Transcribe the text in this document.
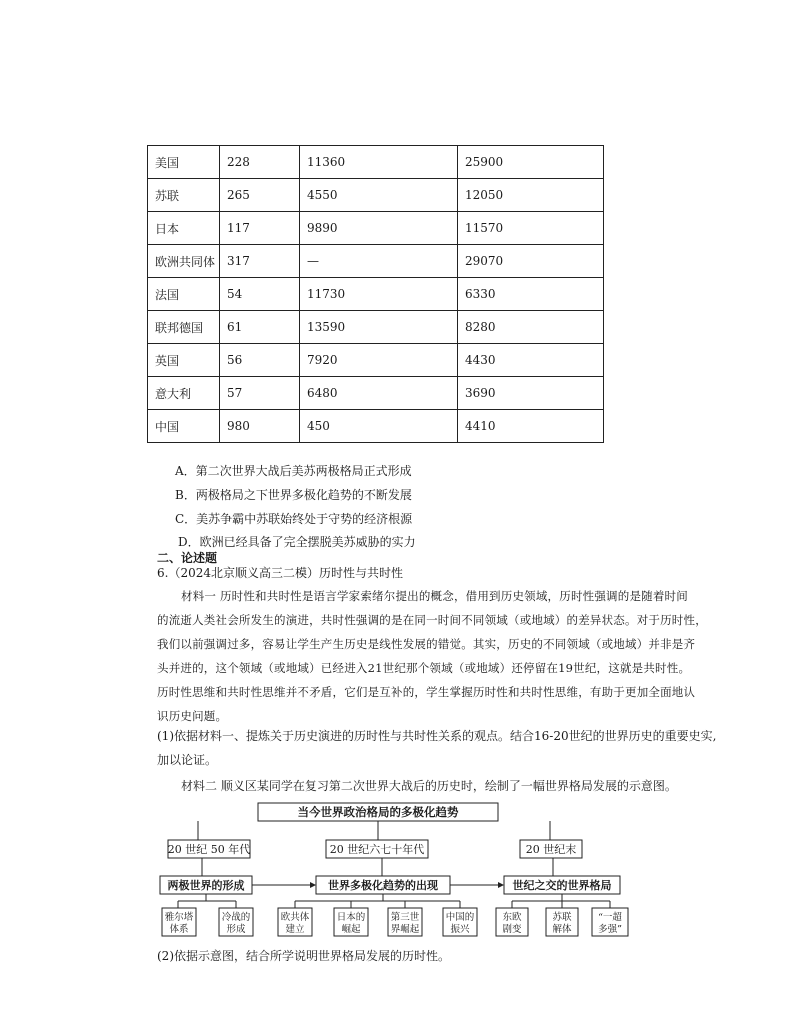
美国	228	11360	25900
苏联	265	4550	12050
日本	117	9890	11570
欧洲共同体	317	—	29070
法国	54	11730	6330
联邦德国	61	13590	8280
英国	56	7920	4430
意大利	57	6480	3690
中国	980	450	4410
A．第二次世界大战后美苏两极格局正式形成
B．两极格局之下世界多极化趋势的不断发展
C．美苏争霸中苏联始终处于守势的经济根源
D．欧洲已经具备了完全摆脱美苏威胁的实力
二、论述题
6.（2024北京顺义高三二模）历时性与共时性

材料一 历时性和共时性是语言学家索绪尔提出的概念，借用到历史领域，历时性强调的是随着时间

的流逝人类社会所发生的演进，共时性强调的是在同一时间不同领域（或地域）的差异状态。对于历时性，

我们以前强调过多，容易让学生产生历史是线性发展的错觉。其实，历史的不同领域（或地域）并非是齐

头并进的，这个领域（或地域）已经进入21世纪那个领域（或地域）还停留在19世纪，这就是共时性。

历时性思维和共时性思维并不矛盾，它们是互补的，学生掌握历时性和共时性思维，有助于更加全面地认

识历史问题。

(1)依据材料一、提炼关于历史演进的历时性与共时性关系的观点。结合16-20世纪的世界历史的重要史实,
加以论证。
材料二 顺义区某同学在复习第二次世界大战后的历史时，绘制了一幅世界格局发展的示意图。
当今世界政治格局的多极化趋势
20 世纪 50 年代	20 世纪六七十年代	20 世纪末
两极世界的形成	世界多极化趋势的出现	世纪之交的世界格局
雅尔塔
体系
冷战的
形成
欧共体
建立
日本的
崛起
第三世
界崛起
中国的
振兴
东欧
剧变
苏联
解体
“一超
多强”
(2)依据示意图，结合所学说明世界格局发展的历时性。
